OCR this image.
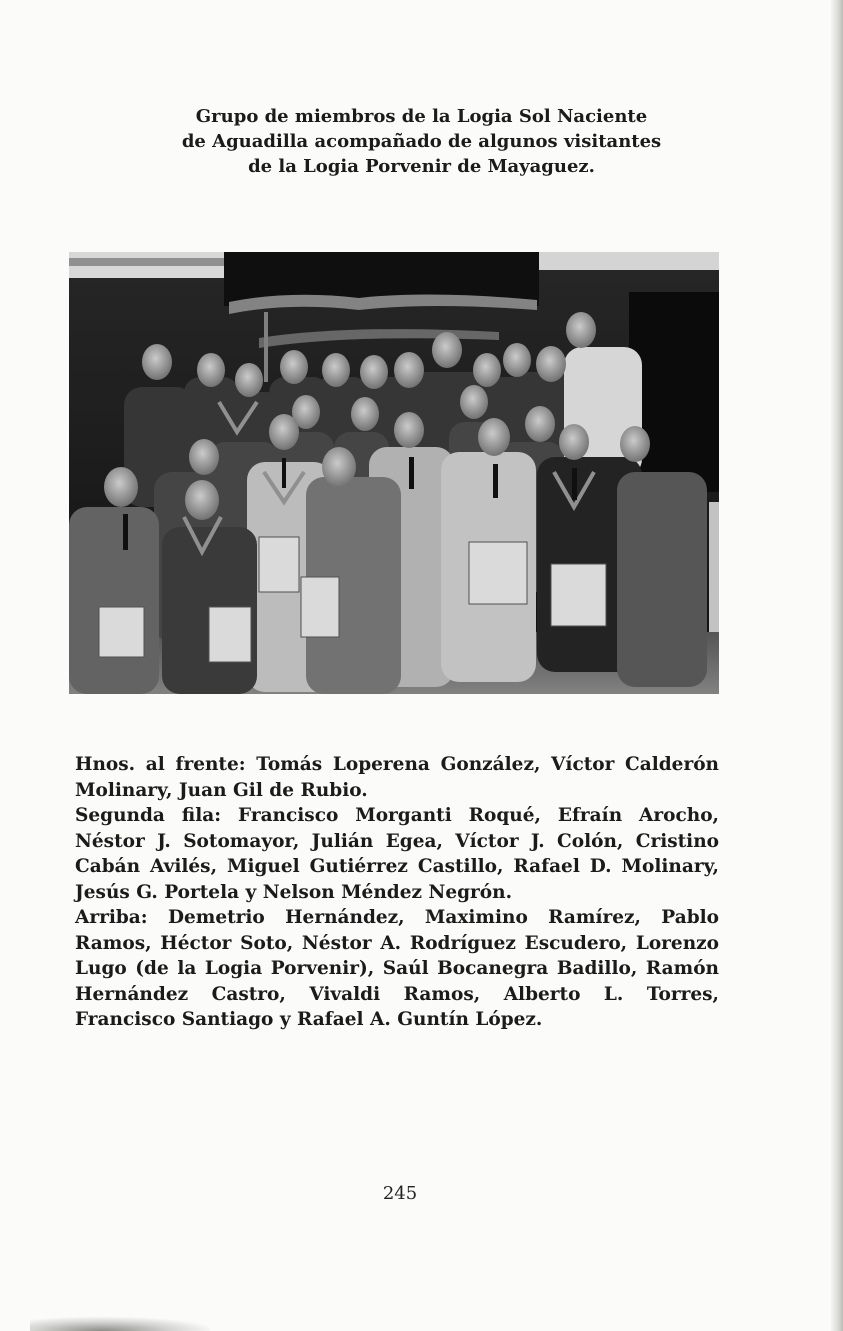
Grupo de miembros de la Logia Sol Naciente
de Aguadilla acompañado de algunos visitantes
de la Logia Porvenir de Mayaguez.

Hnos. al frente: Tomás Loperena González, Víctor Calderón Molinary, Juan Gil de Rubio.

Segunda fila: Francisco Morganti Roqué, Efraín Arocho, Néstor J. Sotomayor, Julián Egea, Víctor J. Colón, Cristino Cabán Avilés, Miguel Gutiérrez Castillo, Rafael D. Molinary, Jesús G. Portela y Nelson Méndez Negrón.

Arriba: Demetrio Hernández, Maximino Ramírez, Pablo Ramos, Héctor Soto, Néstor A. Rodríguez Escudero, Lorenzo Lugo (de la Logia Porvenir), Saúl Bocanegra Badillo, Ramón Hernández Castro, Vivaldi Ramos, Alberto L. Torres, Francisco Santiago y Rafael A. Guntín López.

245
